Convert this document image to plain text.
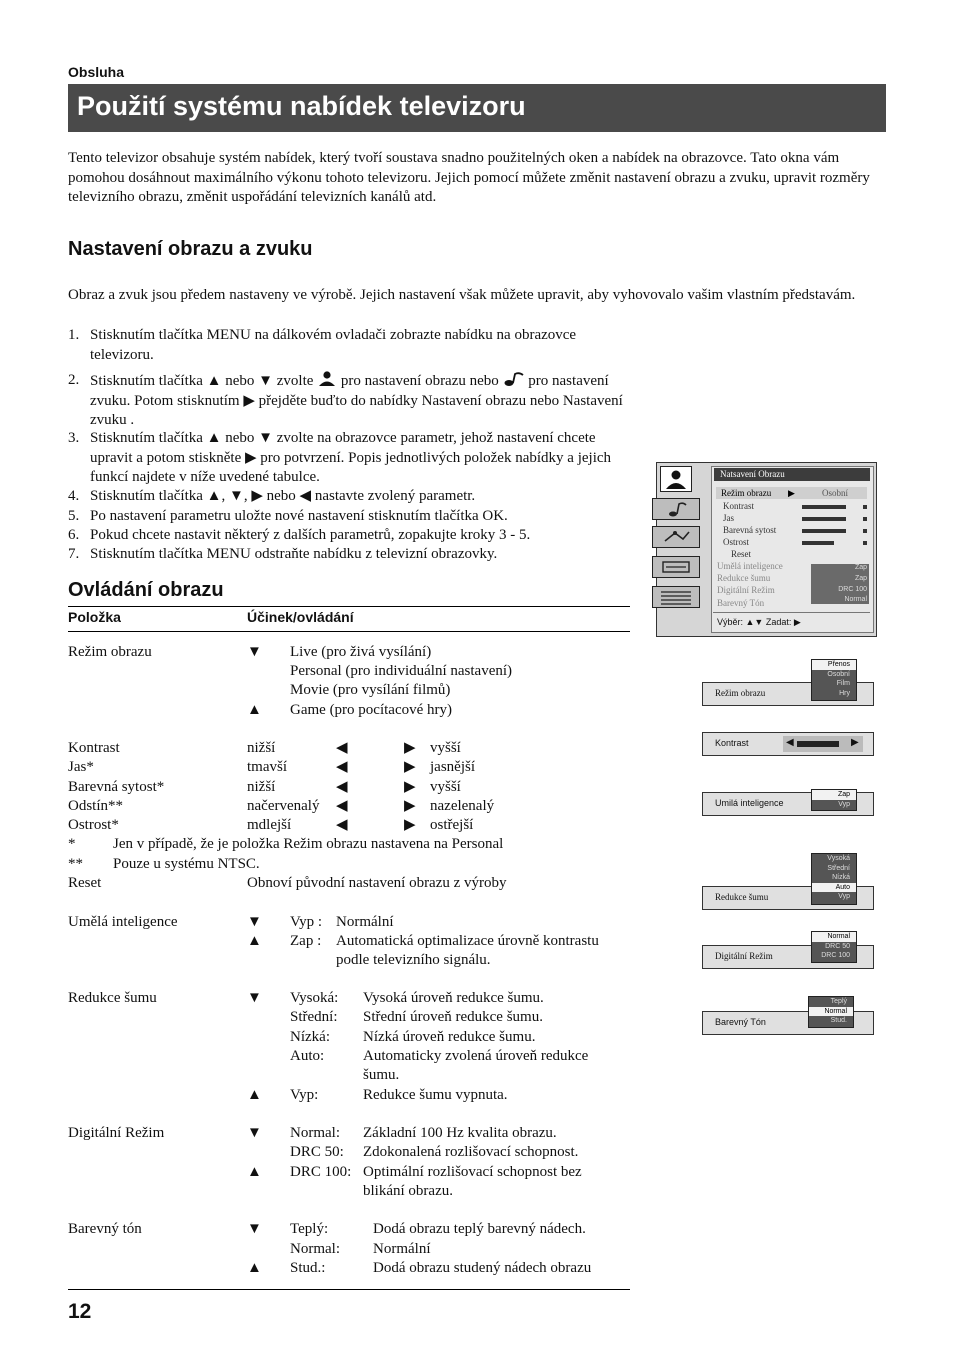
Obsluha
Použití systému nabídek televizoru
Tento televizor obsahuje systém nabídek, který tvoří soustava snadno použitelných oken a nabídek na obrazovce. Tato okna vám pomohou dosáhnout maximálního výkonu tohoto televizoru. Jejich pomocí můžete změnit nastavení obrazu a zvuku, upravit rozměry televizního obrazu, změnit uspořádání televizních kanálů atd.
Nastavení obrazu a zvuku
Obraz a zvuk jsou předem nastaveny ve výrobě. Jejich nastavení však můžete upravit, aby vyhovovalo vašim vlastním představám.
1. Stisknutím tlačítka MENU na dálkovém ovladači zobrazte nabídku na obrazovce televizoru.
2. Stisknutím tlačítka ▲ nebo ▼ zvolte pro nastavení obrazu nebo pro nastavení zvuku. Potom stisknutím ▶ přejděte buďto do nabídky Nastavení obrazu nebo Nastavení zvuku .
3. Stisknutím tlačítka ▲ nebo ▼ zvolte na obrazovce parametr, jehož nastavení chcete upravit a potom stiskněte ▶ pro potvrzení. Popis jednotlivých položek nabídky a jejich funkcí najdete v níže uvedené tabulce.
4. Stisknutím tlačítka ▲, ▼, ▶ nebo ◀ nastavte zvolený parametr.
5. Po nastavení parametru uložte nové nastavení stisknutím tlačítka OK.
6. Pokud chcete nastavit některý z dalších parametrů, zopakujte kroky 3 - 5.
7. Stisknutím tlačítka MENU odstraňte nabídku z televizní obrazovky.
Ovládání obrazu
Položka	Účinek/ovládání
Režim obrazu	▼ Live (pro živá vysílání)
Personal (pro individuální nastavení)
Movie (pro vysílání filmů)
▲ Game (pro pocítacové hry)
Kontrast	nižší	◀	▶ vyšší
Jas*	tmavší	◀	▶ jasnější
Barevná sytost*	nižší	◀	▶ vyšší
Odstín**	načervenalý ◀	▶ nazelenalý
Ostrost*	mdlejší	◀	▶ ostřejší
*	Jen v případě, že je položka Režim obrazu nastavena na Personal
** Pouze u systému NTSC.
Reset	Obnoví původní nastavení obrazu z výroby
Umělá inteligence	▼ Vyp : Normální
▲ Zap : Automatická optimalizace úrovně kontrastu
podle televizního signálu.
Redukce šumu	▼ Vysoká: Vysoká úroveň redukce šumu.
Střední: Střední úroveň redukce šumu.
Nízká: Nízká úroveň redukce šumu.
Auto:	Automaticky zvolená úroveň redukce
šumu.
▲ Vyp:	Redukce šumu vypnuta.
Digitální Režim	▼ Normal: Základní 100 Hz kvalita obrazu.
DRC 50: Zdokonalená rozlišovací schopnost.
▲ DRC 100: Optimální rozlišovací schopnost bez
blikání obrazu.
Barevný tón	▼ Teplý:	Dodá obrazu teplý barevný nádech.
Normal: Normální
▲ Stud.:	Dodá obrazu studený nádech obrazu
12
Natsavení Obrazu
Režim obrazu ▶	Osobní
Kontrast
Jas
Barevná sytost
Ostrost
Reset
Umělá inteligence
Redukce šumu
Digitální Režim
Barevný Tón
Zap
Zap
DRC 100
Normal
Výběr: ▲▼ Zadat: ▶
Režim obrazu
Přenos
Osobní
Film
Hry
Kontrast	◀	▶
Umilá inteligence
Zap
Vyp
Redukce šumu
Vysoká
Střední
Nízká
Auto
Vyp
Digitální Režim
Normal
DRC 50
DRC 100
Barevný Tón
Teplý
Normal
Stud.
